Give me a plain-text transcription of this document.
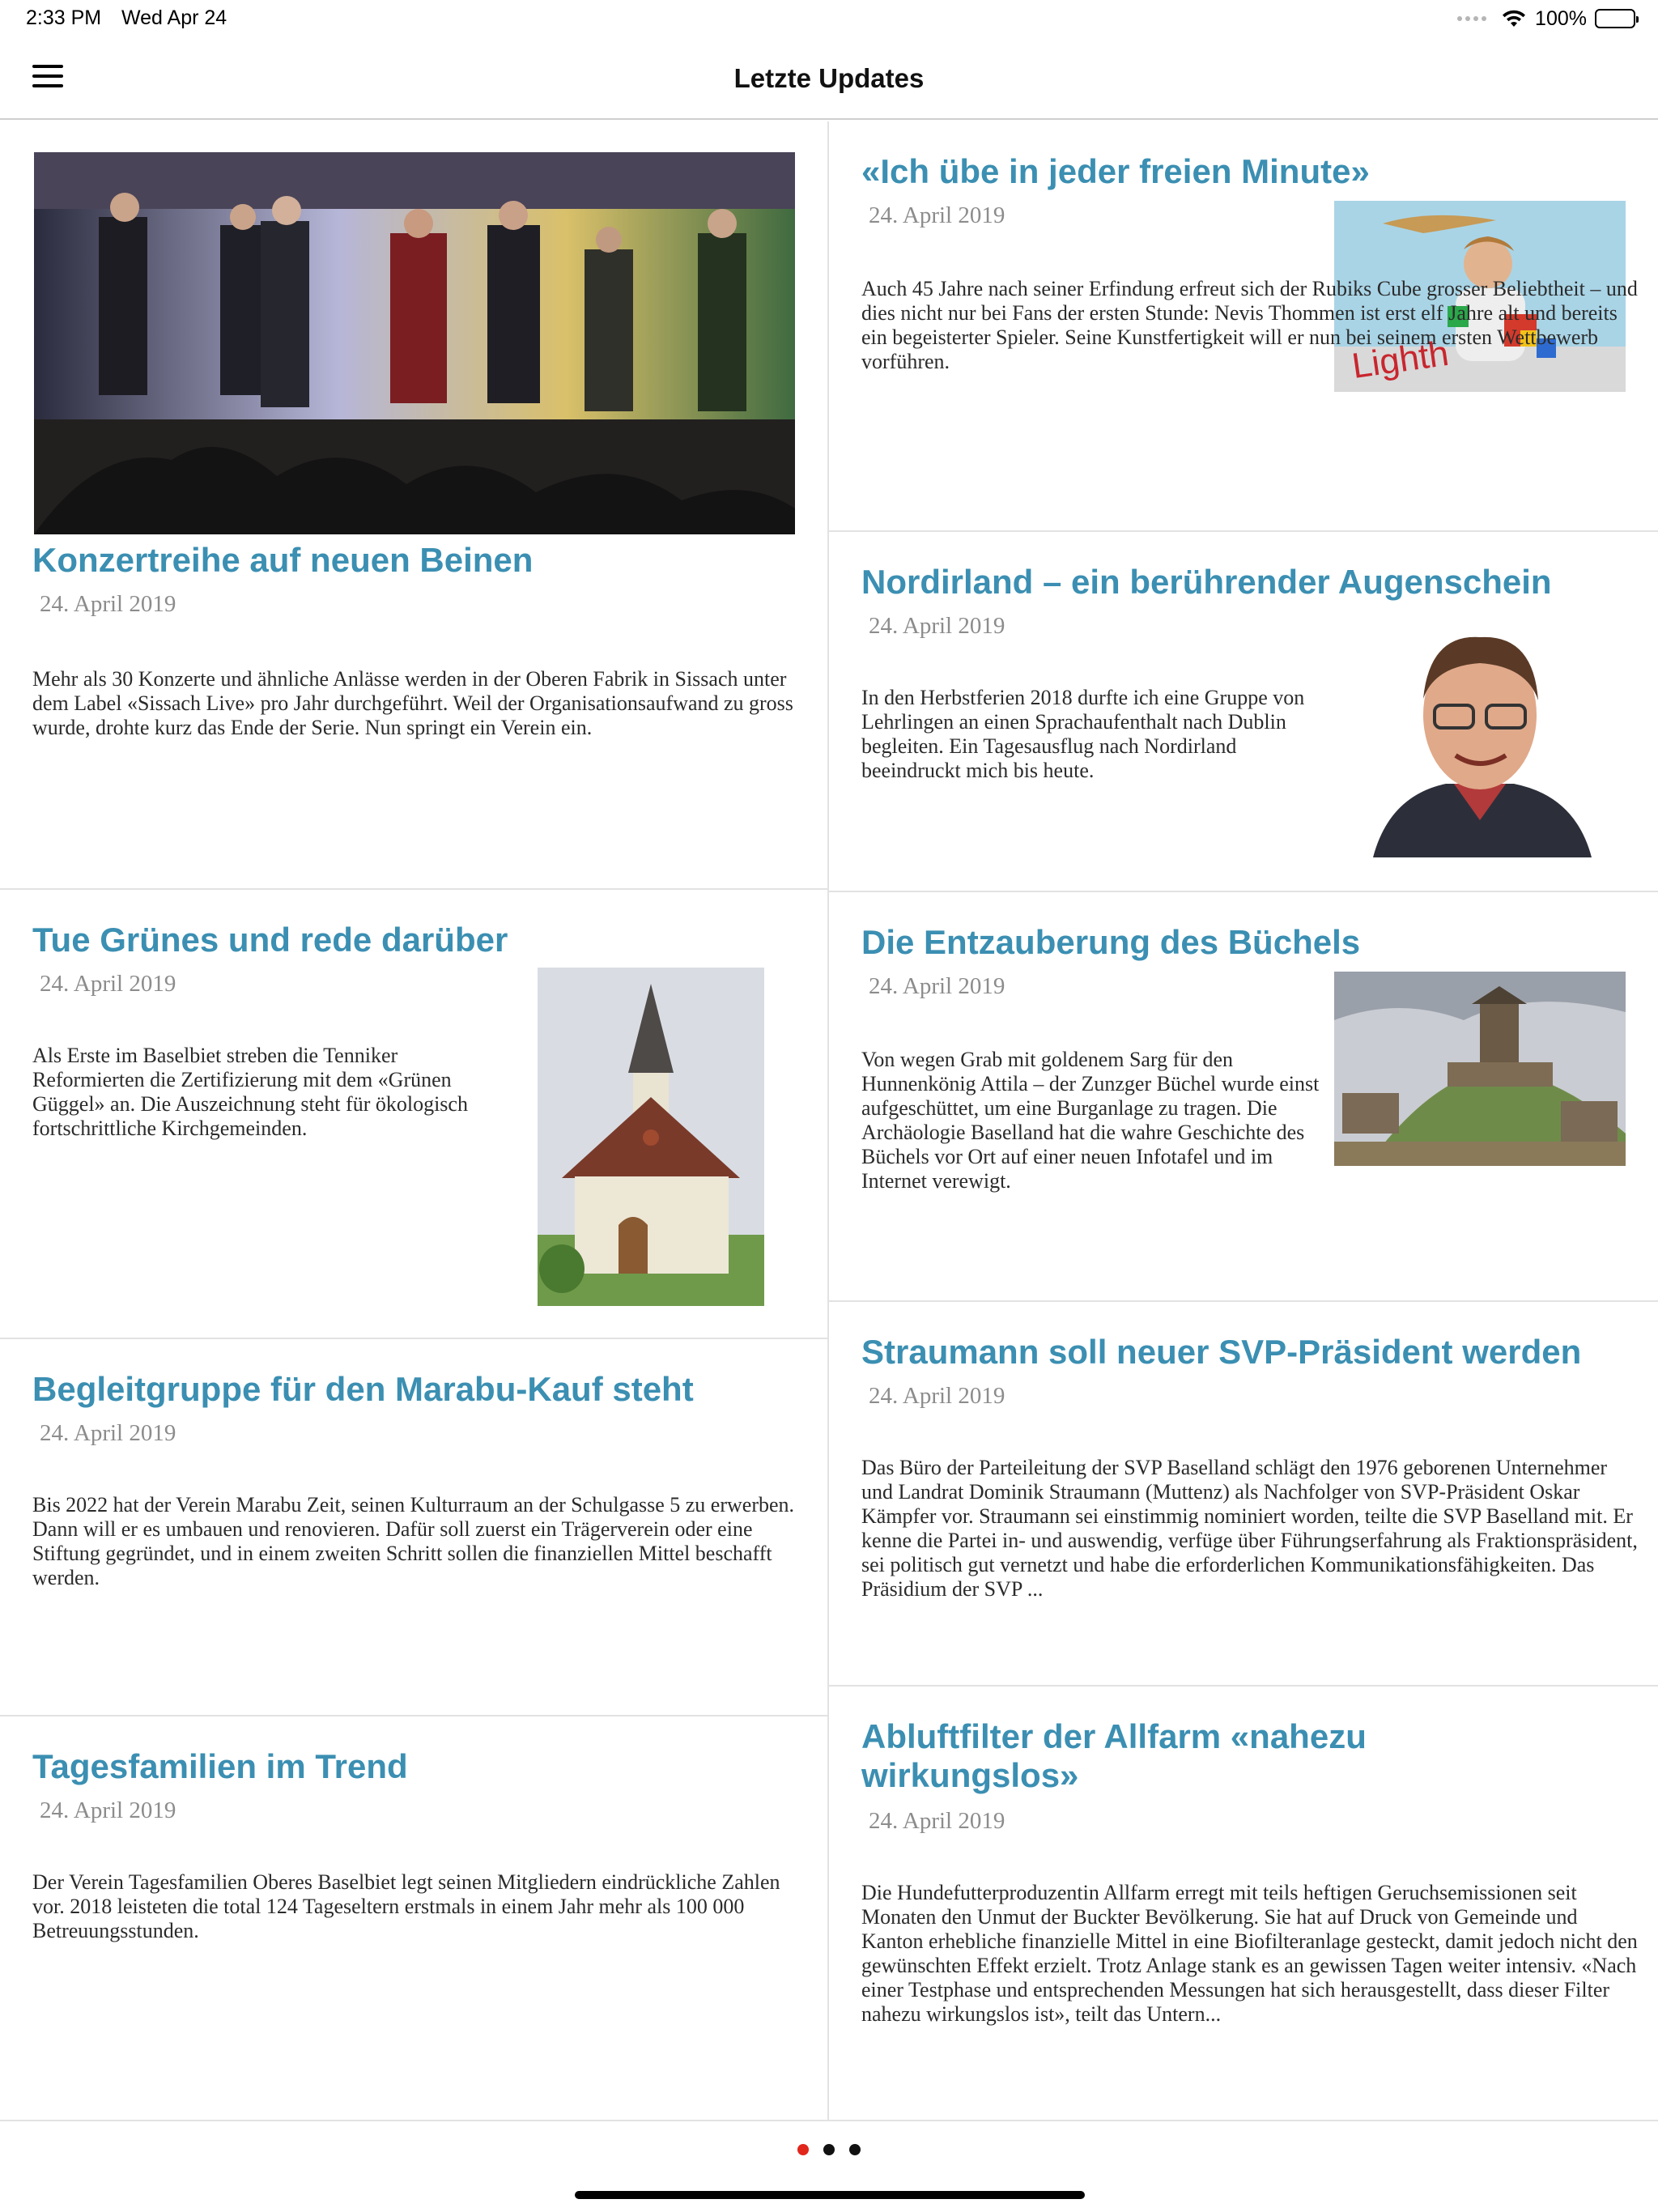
2:33 PM Wed Apr 24	100%
Letzte Updates
Konzertreihe auf neuen Beinen
24. April 2019
Mehr als 30 Konzerte und ähnliche Anlässe werden in der Oberen Fabrik in Sissach unter dem Label «Sissach Live» pro Jahr durchgeführt. Weil der Organisationsaufwand zu gross wurde, drohte kurz das Ende der Serie. Nun springt ein Verein ein.
«Ich übe in jeder freien Minute»
24. April 2019
Lighth
Auch 45 Jahre nach seiner Erfindung erfreut sich der Rubiks Cube grosser Beliebtheit – und dies nicht nur bei Fans der ersten Stunde: Nevis Thommen ist erst elf Jahre alt und bereits ein begeisterter Spieler. Seine Kunstfertigkeit will er nun bei seinem ersten Wettbewerb vorführen.
Nordirland – ein berührender Augenschein
24. April 2019
In den Herbstferien 2018 durfte ich eine Gruppe von Lehrlingen an einen Sprachaufenthalt nach Dublin begleiten. Ein Tagesausflug nach Nordirland beeindruckt mich bis heute.
Tue Grünes und rede darüber
24. April 2019
Als Erste im Baselbiet streben die Tenniker Reformierten die Zertifizierung mit dem «Grünen Güggel» an. Die Auszeichnung steht für ökologisch fortschrittliche Kirchgemeinden.
Die Entzauberung des Büchels
24. April 2019
Von wegen Grab mit goldenem Sarg für den Hunnenkönig Attila – der Zunzger Büchel wurde einst aufgeschüttet, um eine Burganlage zu tragen. Die Archäologie Baselland hat die wahre Geschichte des Büchels vor Ort auf einer neuen Infotafel und im Internet verewigt.
Begleitgruppe für den Marabu-Kauf steht
24. April 2019
Bis 2022 hat der Verein Marabu Zeit, seinen Kulturraum an der Schulgasse 5 zu erwerben. Dann will er es umbauen und renovieren. Dafür soll zuerst ein Trägerverein oder eine Stiftung gegründet, und in einem zweiten Schritt sollen die finanziellen Mittel beschafft werden.
Straumann soll neuer SVP-Präsident werden
24. April 2019
Das Büro der Parteileitung der SVP Baselland schlägt den 1976 geborenen Unternehmer und Landrat Dominik Straumann (Muttenz) als Nachfolger von SVP-Präsident Oskar Kämpfer vor. Straumann sei einstimmig nominiert worden, teilte die SVP Baselland mit. Er kenne die Partei in- und auswendig, verfüge über Führungserfahrung als Fraktionspräsident, sei politisch gut vernetzt und habe die erforderlichen Kommunikationsfähigkeiten. Das Präsidium der SVP ...
Tagesfamilien im Trend
24. April 2019
Der Verein Tagesfamilien Oberes Baselbiet legt seinen Mitgliedern eindrückliche Zahlen vor. 2018 leisteten die total 124 Tageseltern erstmals in einem Jahr mehr als 100 000 Betreuungsstunden.
Abluftfilter der Allfarm «nahezu wirkungslos»
24. April 2019
Die Hundefutterproduzentin Allfarm erregt mit teils heftigen Geruchsemissionen seit Monaten den Unmut der Buckter Bevölkerung. Sie hat auf Druck von Gemeinde und Kanton erhebliche finanzielle Mittel in eine Biofilteranlage gesteckt, damit jedoch nicht den gewünschten Effekt erzielt. Trotz Anlage stank es an gewissen Tagen weiter intensiv. «Nach einer Testphase und entsprechenden Messungen hat sich herausgestellt, dass dieser Filter nahezu wirkungslos ist», teilt das Untern...
